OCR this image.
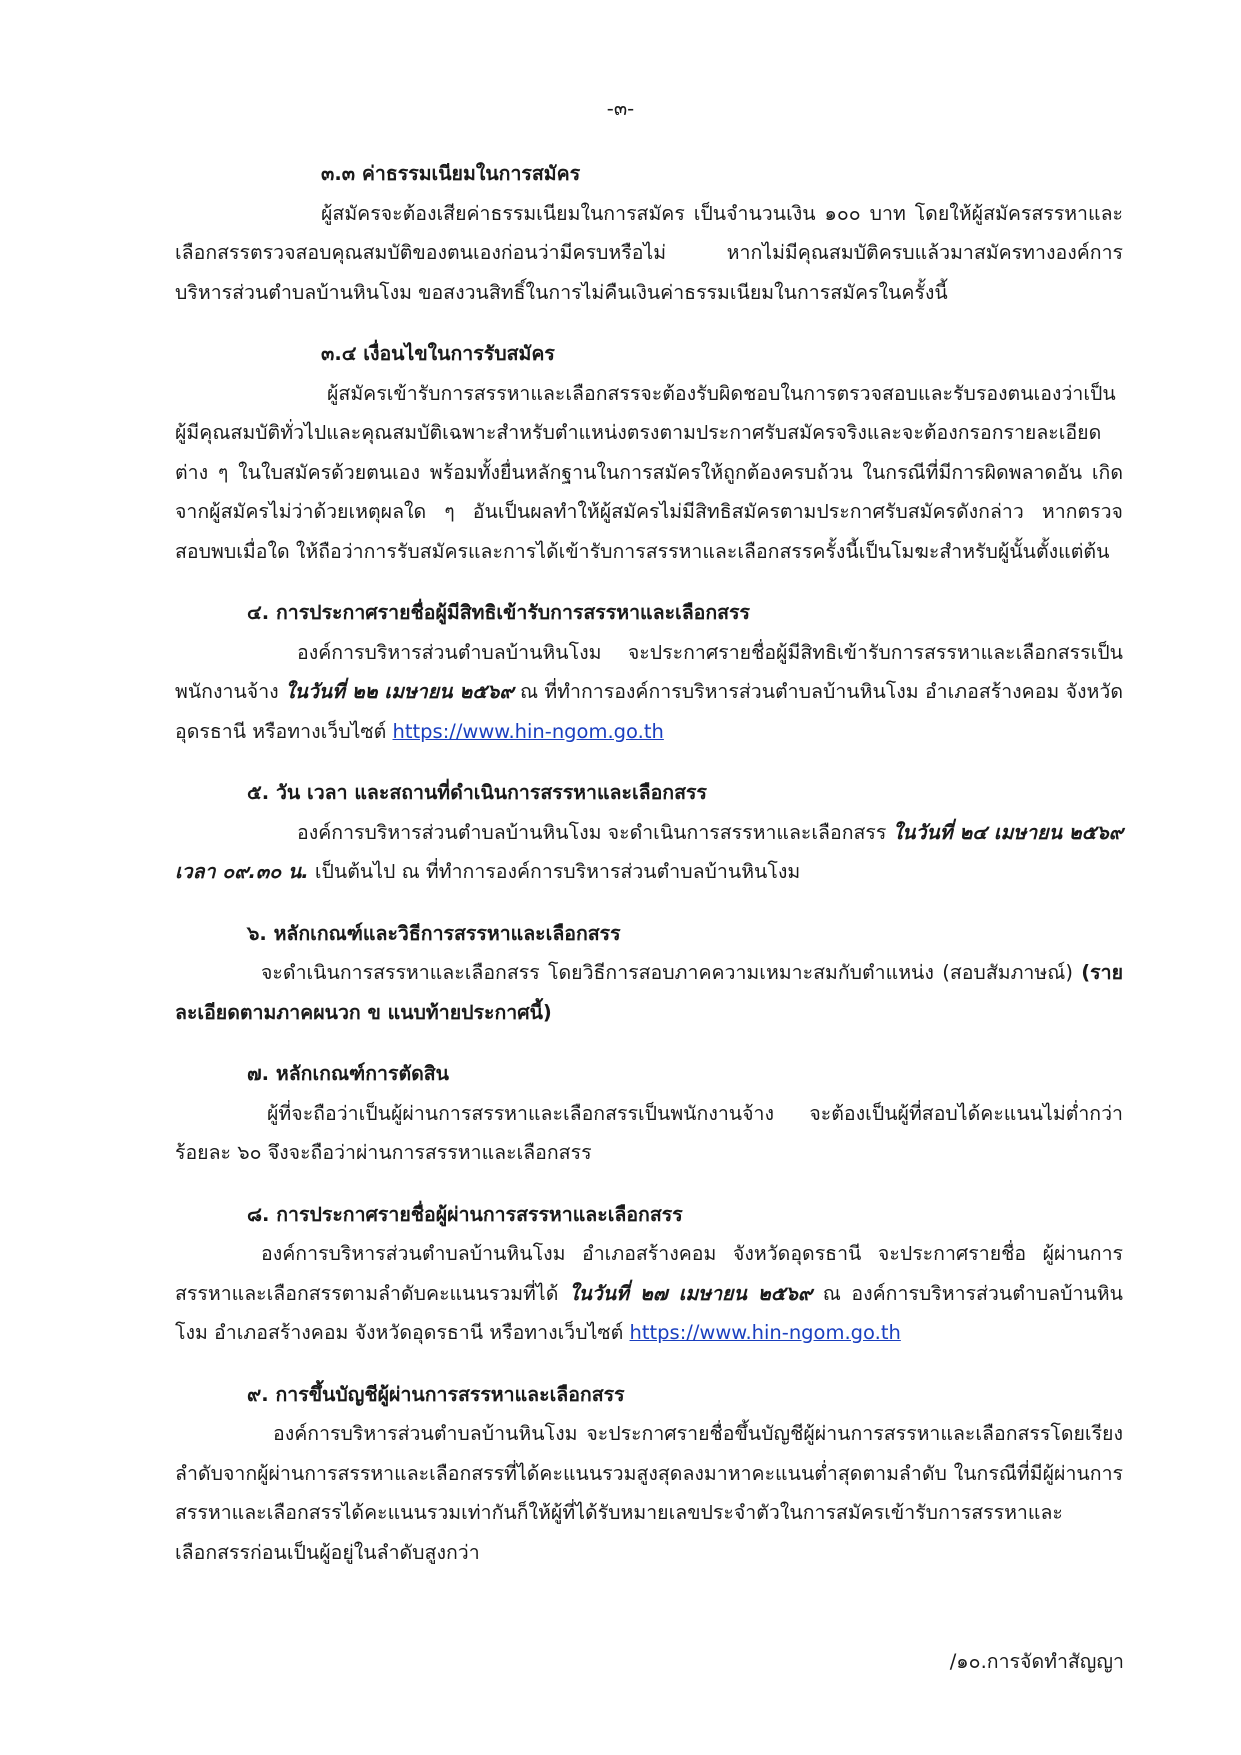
-๓-

๓.๓ ค่าธรรมเนียมในการสมัคร

ผู้สมัครจะต้องเสียค่าธรรมเนียมในการสมัคร เป็นจำนวนเงิน ๑๐๐ บาท โดยให้ผู้สมัครสรรหาและเลือกสรรตรวจสอบคุณสมบัติของตนเองก่อนว่ามีครบหรือไม่ หากไม่มีคุณสมบัติครบแล้วมาสมัครทางองค์การบริหารส่วนตำบลบ้านหินโงม ขอสงวนสิทธิ์ในการไม่คืนเงินค่าธรรมเนียมในการสมัครในครั้งนี้

๓.๔ เงื่อนไขในการรับสมัคร

ผู้สมัครเข้ารับการสรรหาและเลือกสรรจะต้องรับผิดชอบในการตรวจสอบและรับรองตนเองว่าเป็นผู้มีคุณสมบัติทั่วไปและคุณสมบัติเฉพาะสำหรับตำแหน่งตรงตามประกาศรับสมัครจริงและจะต้องกรอกรายละเอียดต่าง ๆ ในใบสมัครด้วยตนเอง พร้อมทั้งยื่นหลักฐานในการสมัครให้ถูกต้องครบถ้วน ในกรณีที่มีการผิดพลาดอัน เกิดจากผู้สมัครไม่ว่าด้วยเหตุผลใด ๆ อันเป็นผลทำให้ผู้สมัครไม่มีสิทธิสมัครตามประกาศรับสมัครดังกล่าว หากตรวจสอบพบเมื่อใด ให้ถือว่าการรับสมัครและการได้เข้ารับการสรรหาและเลือกสรรครั้งนี้เป็นโมฆะสำหรับผู้นั้นตั้งแต่ต้น

๔. การประกาศรายชื่อผู้มีสิทธิเข้ารับการสรรหาและเลือกสรร

องค์การบริหารส่วนตำบลบ้านหินโงม จะประกาศรายชื่อผู้มีสิทธิเข้ารับการสรรหาและเลือกสรรเป็นพนักงานจ้าง ในวันที่ ๒๒ เมษายน ๒๕๖๙ ณ ที่ทำการองค์การบริหารส่วนตำบลบ้านหินโงม อำเภอสร้างคอม จังหวัดอุดรธานี หรือทางเว็บไซต์ https://www.hin-ngom.go.th

๕. วัน เวลา และสถานที่ดำเนินการสรรหาและเลือกสรร

องค์การบริหารส่วนตำบลบ้านหินโงม จะดำเนินการสรรหาและเลือกสรร ในวันที่ ๒๔ เมษายน ๒๕๖๙ เวลา ๐๙.๓๐ น. เป็นต้นไป ณ ที่ทำการองค์การบริหารส่วนตำบลบ้านหินโงม

๖. หลักเกณฑ์และวิธีการสรรหาและเลือกสรร

จะดำเนินการสรรหาและเลือกสรร โดยวิธีการสอบภาคความเหมาะสมกับตำแหน่ง (สอบสัมภาษณ์) (รายละเอียดตามภาคผนวก ข แนบท้ายประกาศนี้)

๗. หลักเกณฑ์การตัดสิน

ผู้ที่จะถือว่าเป็นผู้ผ่านการสรรหาและเลือกสรรเป็นพนักงานจ้าง จะต้องเป็นผู้ที่สอบได้คะแนนไม่ต่ำกว่าร้อยละ ๖๐ จึงจะถือว่าผ่านการสรรหาและเลือกสรร

๘. การประกาศรายชื่อผู้ผ่านการสรรหาและเลือกสรร

องค์การบริหารส่วนตำบลบ้านหินโงม อำเภอสร้างคอม จังหวัดอุดรธานี จะประกาศรายชื่อ ผู้ผ่านการสรรหาและเลือกสรรตามลำดับคะแนนรวมที่ได้ ในวันที่ ๒๗ เมษายน ๒๕๖๙ ณ องค์การบริหารส่วนตำบลบ้านหินโงม อำเภอสร้างคอม จังหวัดอุดรธานี หรือทางเว็บไซต์ https://www.hin-ngom.go.th

๙. การขึ้นบัญชีผู้ผ่านการสรรหาและเลือกสรร

องค์การบริหารส่วนตำบลบ้านหินโงม จะประกาศรายชื่อขึ้นบัญชีผู้ผ่านการสรรหาและเลือกสรรโดยเรียงลำดับจากผู้ผ่านการสรรหาและเลือกสรรที่ได้คะแนนรวมสูงสุดลงมาหาคะแนนต่ำสุดตามลำดับ ในกรณีที่มีผู้ผ่านการสรรหาและเลือกสรรได้คะแนนรวมเท่ากันก็ให้ผู้ที่ได้รับหมายเลขประจำตัวในการสมัครเข้ารับการสรรหาและเลือกสรรก่อนเป็นผู้อยู่ในลำดับสูงกว่า

/๑๐.การจัดทำสัญญา
